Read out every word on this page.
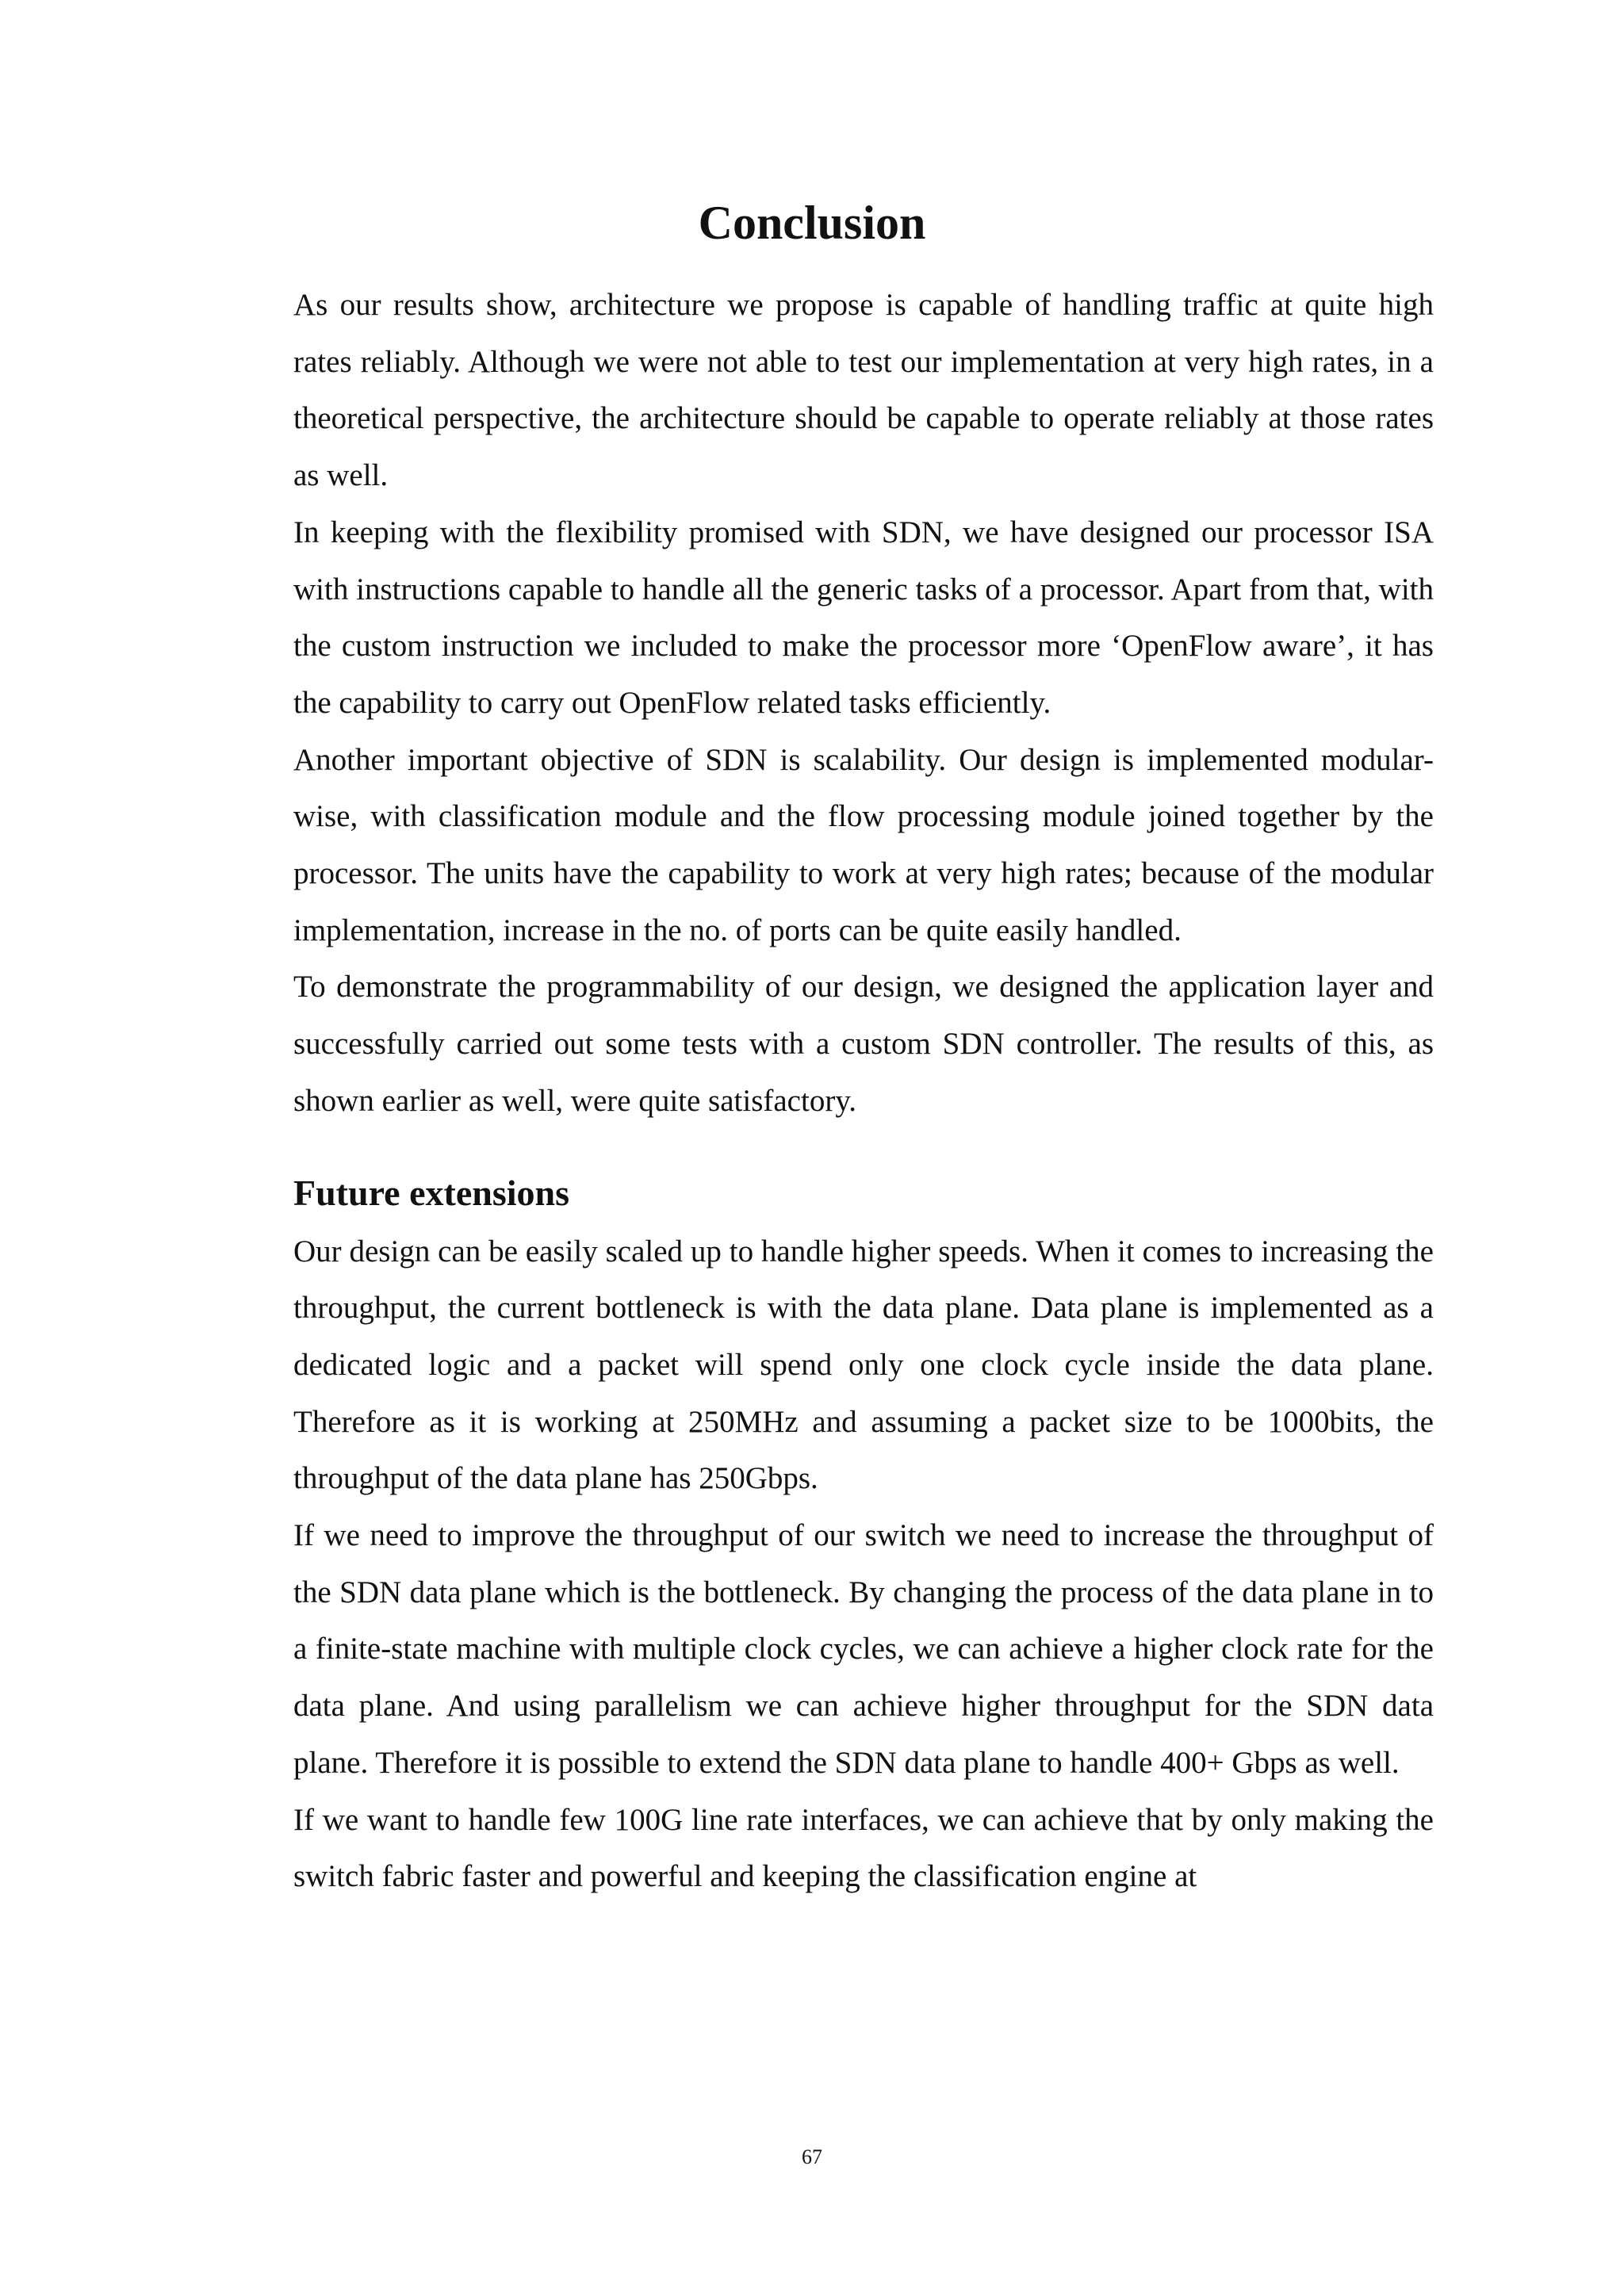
Conclusion

As our results show, architecture we propose is capable of handling traffic at quite high rates reliably. Although we were not able to test our implementation at very high rates, in a theoretical perspective, the architecture should be capable to operate reliably at those rates as well.

In keeping with the flexibility promised with SDN, we have designed our processor ISA with instructions capable to handle all the generic tasks of a processor. Apart from that, with the custom instruction we included to make the processor more ‘OpenFlow aware’, it has the capability to carry out OpenFlow related tasks efficiently.

Another important objective of SDN is scalability. Our design is implemented modular-wise, with classification module and the flow processing module joined together by the processor. The units have the capability to work at very high rates; because of the modular implementation, increase in the no. of ports can be quite easily handled.

To demonstrate the programmability of our design, we designed the application layer and successfully carried out some tests with a custom SDN controller. The results of this, as shown earlier as well, were quite satisfactory.

Future extensions

Our design can be easily scaled up to handle higher speeds. When it comes to increasing the throughput, the current bottleneck is with the data plane. Data plane is implemented as a dedicated logic and a packet will spend only one clock cycle inside the data plane. Therefore as it is working at 250MHz and assuming a packet size to be 1000bits, the throughput of the data plane has 250Gbps.

If we need to improve the throughput of our switch we need to increase the throughput of the SDN data plane which is the bottleneck. By changing the process of the data plane in to a finite-state machine with multiple clock cycles, we can achieve a higher clock rate for the data plane. And using parallelism we can achieve higher throughput for the SDN data plane. Therefore it is possible to extend the SDN data plane to handle 400+ Gbps as well.

If we want to handle few 100G line rate interfaces, we can achieve that by only making the switch fabric faster and powerful and keeping the classification engine at

67
